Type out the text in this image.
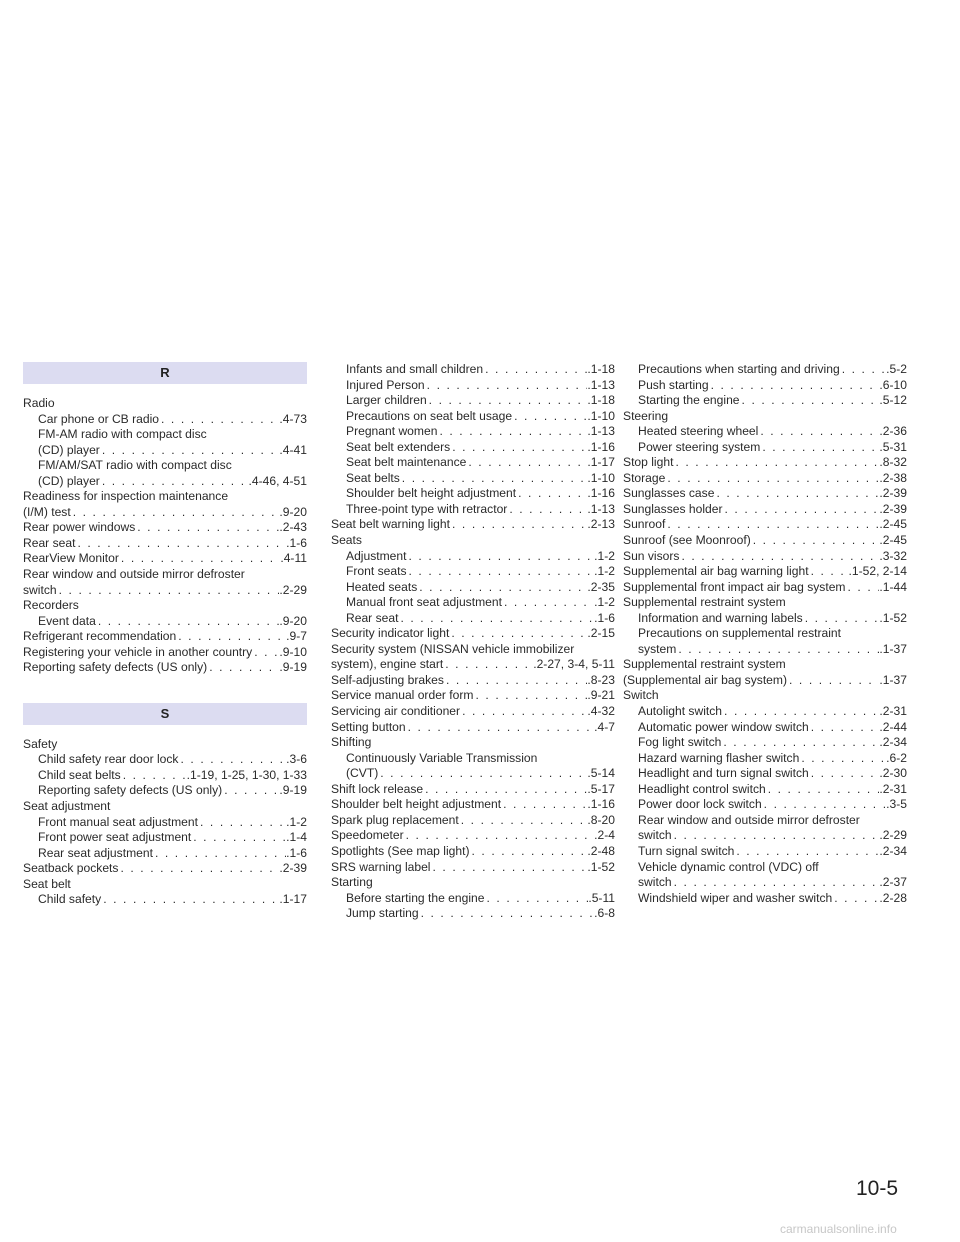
R
Radio
Car phone or CB radio . . .	.4-73
FM-AM radio with compact disc
(CD) player . . .	.4-41
FM/AM/SAT radio with compact disc
(CD) player . . .	.4-46, 4-51
Readiness for inspection maintenance
(I/M) test . . .	.9-20
Rear power windows . . .	.2-43
Rear seat . . .	.1-6
RearView Monitor . . .	.4-11
Rear window and outside mirror defroster
switch . . .	.2-29
Recorders
Event data . . .	.9-20
Refrigerant recommendation . . .	.9-7
Registering your vehicle in another country . . . .9-10
Reporting safety defects (US only) . . .	.9-19
S
Safety
Child safety rear door lock . . .	.3-6
Child seat belts . . .	.1-19, 1-25, 1-30, 1-33
Reporting safety defects (US only) . . .	.9-19
Seat adjustment
Front manual seat adjustment . . .	.1-2
Front power seat adjustment . . .	.1-4
Rear seat adjustment . . .	.1-6
Seatback pockets . . .	.2-39
Seat belt
Child safety . . .	.1-17
Infants and small children . . .	.1-18
Injured Person . . .	.1-13
Larger children . . .	.1-18
Precautions on seat belt usage . . .	.1-10
Pregnant women . . .	.1-13
Seat belt extenders . . .	.1-16
Seat belt maintenance . . .	.1-17
Seat belts . . .	.1-10
Shoulder belt height adjustment . . .	.1-16
Three-point type with retractor . . .	.1-13
Seat belt warning light . . .	.2-13
Seats
Adjustment . . .	.1-2
Front seats . . .	.1-2
Heated seats . . .	.2-35
Manual front seat adjustment . . .	.1-2
Rear seat . . .	.1-6
Security indicator light . . .	.2-15
Security system (NISSAN vehicle immobilizer
system), engine start . . .	.2-27, 3-4, 5-11
Self-adjusting brakes . . .	.8-23
Service manual order form . . .	.9-21
Servicing air conditioner . . .	.4-32
Setting button . . .	.4-7
Shifting
Continuously Variable Transmission
(CVT) . . .	.5-14
Shift lock release . . .	.5-17
Shoulder belt height adjustment . . .	.1-16
Spark plug replacement . . .	.8-20
Speedometer . . .	.2-4
Spotlights (See map light) . . .	.2-48
SRS warning label . . .	.1-52
Starting
Before starting the engine . . .	.5-11
Jump starting . . .	.6-8
Precautions when starting and driving . . .	.5-2
Push starting . . .	.6-10
Starting the engine . . .	.5-12
Steering
Heated steering wheel . . .	.2-36
Power steering system . . .	.5-31
Stop light . . .	.8-32
Storage . . .	.2-38
Sunglasses case . . .	.2-39
Sunglasses holder . . .	.2-39
Sunroof . . .	.2-45
Sunroof (see Moonroof) . . .	.2-45
Sun visors . . .	.3-32
Supplemental air bag warning light . . .	.1-52, 2-14
Supplemental front impact air bag system . . .	.1-44
Supplemental restraint system
Information and warning labels . . .	.1-52
Precautions on supplemental restraint
system . . .	.1-37
Supplemental restraint system
(Supplemental air bag system) . . .	.1-37
Switch
Autolight switch . . .	.2-31
Automatic power window switch . . .	.2-44
Fog light switch . . .	.2-34
Hazard warning flasher switch . . .	.6-2
Headlight and turn signal switch . . .	.2-30
Headlight control switch . . .	.2-31
Power door lock switch . . .	.3-5
Rear window and outside mirror defroster
switch . . .	.2-29
Turn signal switch . . .	.2-34
Vehicle dynamic control (VDC) off
switch . . .	.2-37
Windshield wiper and washer switch . . .	.2-28
10-5
carmanualsonline.info
